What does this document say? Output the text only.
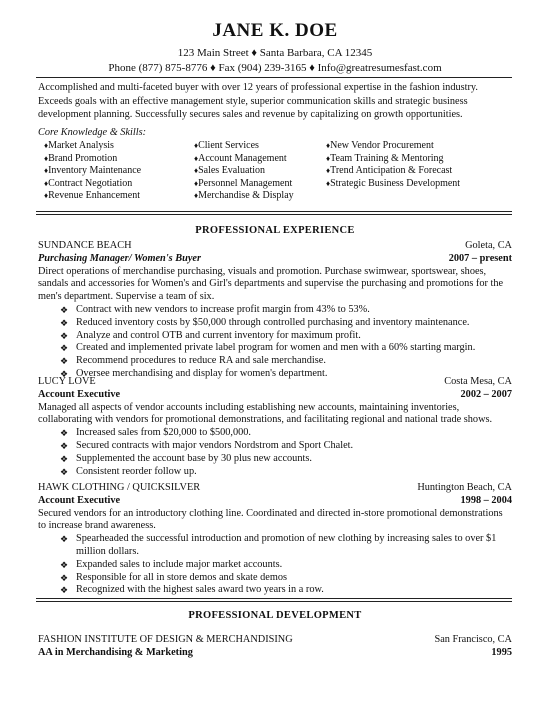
JANE K. DOE
123 Main Street ♦ Santa Barbara, CA 12345
Phone (877) 875-8776 ♦ Fax (904) 239-3165 ♦ Info@greatresumesfast.com
Accomplished and multi-faceted buyer with over 12 years of professional expertise in the fashion industry. Exceeds goals with an effective management style, superior communication skills and strategic business development planning. Successfully secures sales and revenue by capitalizing on growth opportunities.
Core Knowledge & Skills:
♦ Market Analysis	♦ Client Services	♦ New Vendor Procurement
♦ Brand Promotion	♦ Account Management	♦ Team Training & Mentoring
♦ Inventory Maintenance	♦ Sales Evaluation	♦ Trend Anticipation & Forecast
♦ Contract Negotiation	♦ Personnel Management	♦ Strategic Business Development
♦ Revenue Enhancement	♦ Merchandise & Display
PROFESSIONAL EXPERIENCE
SUNDANCE BEACH	Goleta, CA
Purchasing Manager/ Women's Buyer	2007 – present

Direct operations of merchandise purchasing, visuals and promotion. Purchase swimwear, sportswear, shoes, sandals and accessories for Women's and Girl's departments and supervise the purchasing and promotions for the men's department. Supervise a team of six.

❖ Contract with new vendors to increase profit margin from 43% to 53%.
❖ Reduced inventory costs by $50,000 through controlled purchasing and inventory maintenance.
❖ Analyze and control OTB and current inventory for maximum profit.
❖ Created and implemented private label program for women and men with a 60% starting margin.
❖ Recommend procedures to reduce RA and sale merchandise.
❖ Oversee merchandising and display for women's department.
LUCY LOVE	Costa Mesa, CA
Account Executive	2002 – 2007

Managed all aspects of vendor accounts including establishing new accounts, maintaining inventories, collaborating with vendors for promotional demonstrations, and facilitating regional and national trade shows.

❖ Increased sales from $20,000 to $500,000.
❖ Secured contracts with major vendors Nordstrom and Sport Chalet.
❖ Supplemented the account base by 30 plus new accounts.
❖ Consistent reorder follow up.
HAWK CLOTHING / QUICKSILVER	Huntington Beach, CA
Account Executive	1998 – 2004

Secured vendors for an introductory clothing line. Coordinated and directed in-store promotional demonstrations to increase brand awareness.

❖ Spearheaded the successful introduction and promotion of new clothing by increasing sales to over $1 million dollars.
❖ Expanded sales to include major market accounts.
❖ Responsible for all in store demos and skate demos
❖ Recognized with the highest sales award two years in a row.
PROFESSIONAL DEVELOPMENT
FASHION INSTITUTE OF DESIGN & MERCHANDISING	San Francisco, CA
AA in Merchandising & Marketing	1995
